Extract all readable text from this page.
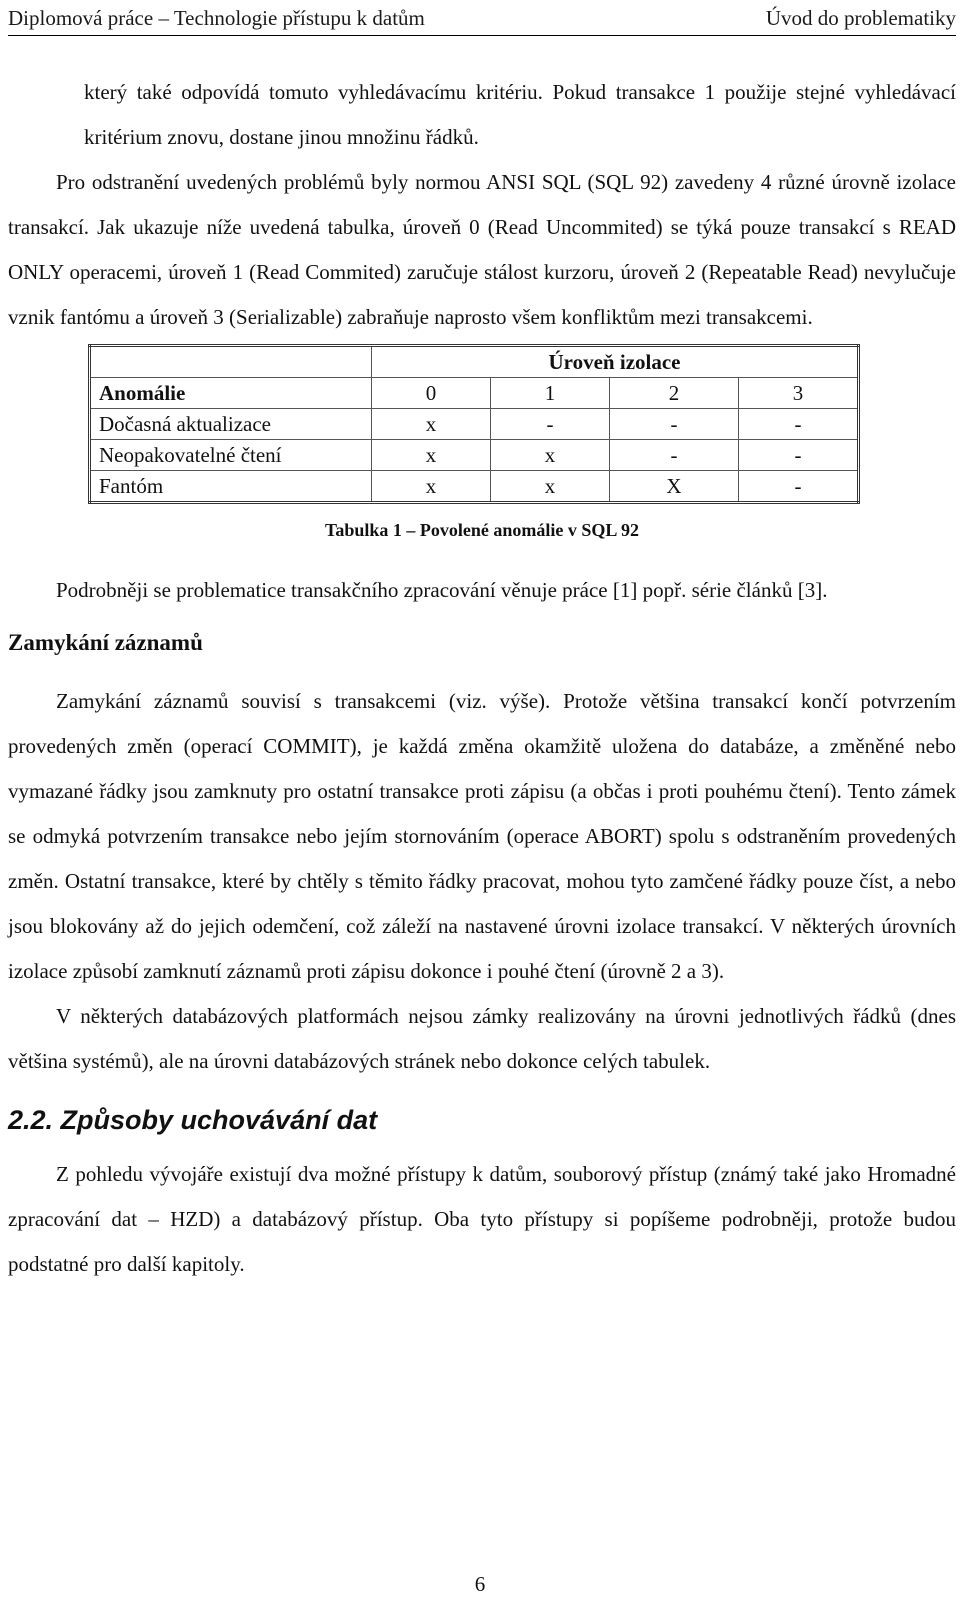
Diplomová práce – Technologie přístupu k datům	Úvod do problematiky

který také odpovídá tomuto vyhledávacímu kritériu. Pokud transakce 1 použije stejné vyhledávací kritérium znovu, dostane jinou množinu řádků.

Pro odstranění uvedených problémů byly normou ANSI SQL (SQL 92) zavedeny 4 různé úrovně izolace transakcí. Jak ukazuje níže uvedená tabulka, úroveň 0 (Read Uncommited) se týká pouze transakcí s READ ONLY operacemi, úroveň 1 (Read Commited) zaručuje stálost kurzoru, úroveň 2 (Repeatable Read) nevylučuje vznik fantómu a úroveň 3 (Serializable) zabraňuje naprosto všem konfliktům mezi transakcemi.

	Úroveň izolace			
Anomálie	0	1	2	3
Dočasná aktualizace	x	-	-	-
Neopakovatelné čtení	x	x	-	-
Fantóm	x	x	X	-
Tabulka 1 – Povolené anomálie v SQL 92

Podrobněji se problematice transakčního zpracování věnuje práce [1] popř. série článků [3].

Zamykání záznamů

Zamykání záznamů souvisí s transakcemi (viz. výše). Protože většina transakcí končí potvrzením provedených změn (operací COMMIT), je každá změna okamžitě uložena do databáze, a změněné nebo vymazané řádky jsou zamknuty pro ostatní transakce proti zápisu (a občas i proti pouhému čtení). Tento zámek se odmyká potvrzením transakce nebo jejím stornováním (operace ABORT) spolu s odstraněním provedených změn. Ostatní transakce, které by chtěly s těmito řádky pracovat, mohou tyto zamčené řádky pouze číst, a nebo jsou blokovány až do jejich odemčení, což záleží na nastavené úrovni izolace transakcí. V některých úrovních izolace způsobí zamknutí záznamů proti zápisu dokonce i pouhé čtení (úrovně 2 a 3).

V některých databázových platformách nejsou zámky realizovány na úrovni jednotlivých řádků (dnes většina systémů), ale na úrovni databázových stránek nebo dokonce celých tabulek.

2.2. Způsoby uchovávání dat

Z pohledu vývojáře existují dva možné přístupy k datům, souborový přístup (známý také jako Hromadné zpracování dat – HZD) a databázový přístup. Oba tyto přístupy si popíšeme podrobněji, protože budou podstatné pro další kapitoly.

6
